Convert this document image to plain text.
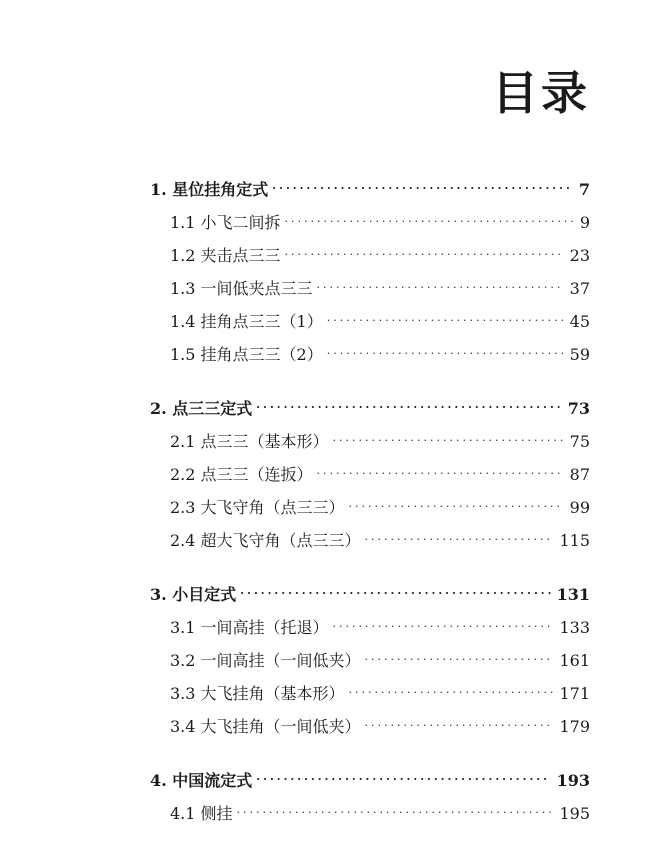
目录
1. 星位挂角定式 ·····	7
1.1 小飞二间拆 ·····	9
1.2 夹击点三三 ·····	23
1.3 一间低夹点三三 ·····	37
1.4 挂角点三三（1） ·····	45
1.5 挂角点三三（2） ·····	59
2. 点三三定式 ·····	73
2.1 点三三（基本形） ·····	75
2.2 点三三（连扳） ·····	87
2.3 大飞守角（点三三） ·····	99
2.4 超大飞守角（点三三） ·····	115
3. 小目定式 ·····	131
3.1 一间高挂（托退） ·····	133
3.2 一间高挂（一间低夹） ·····	161
3.3 大飞挂角（基本形） ·····	171
3.4 大飞挂角（一间低夹） ·····	179
4. 中国流定式 ·····	193
4.1 侧挂 ·····	195
